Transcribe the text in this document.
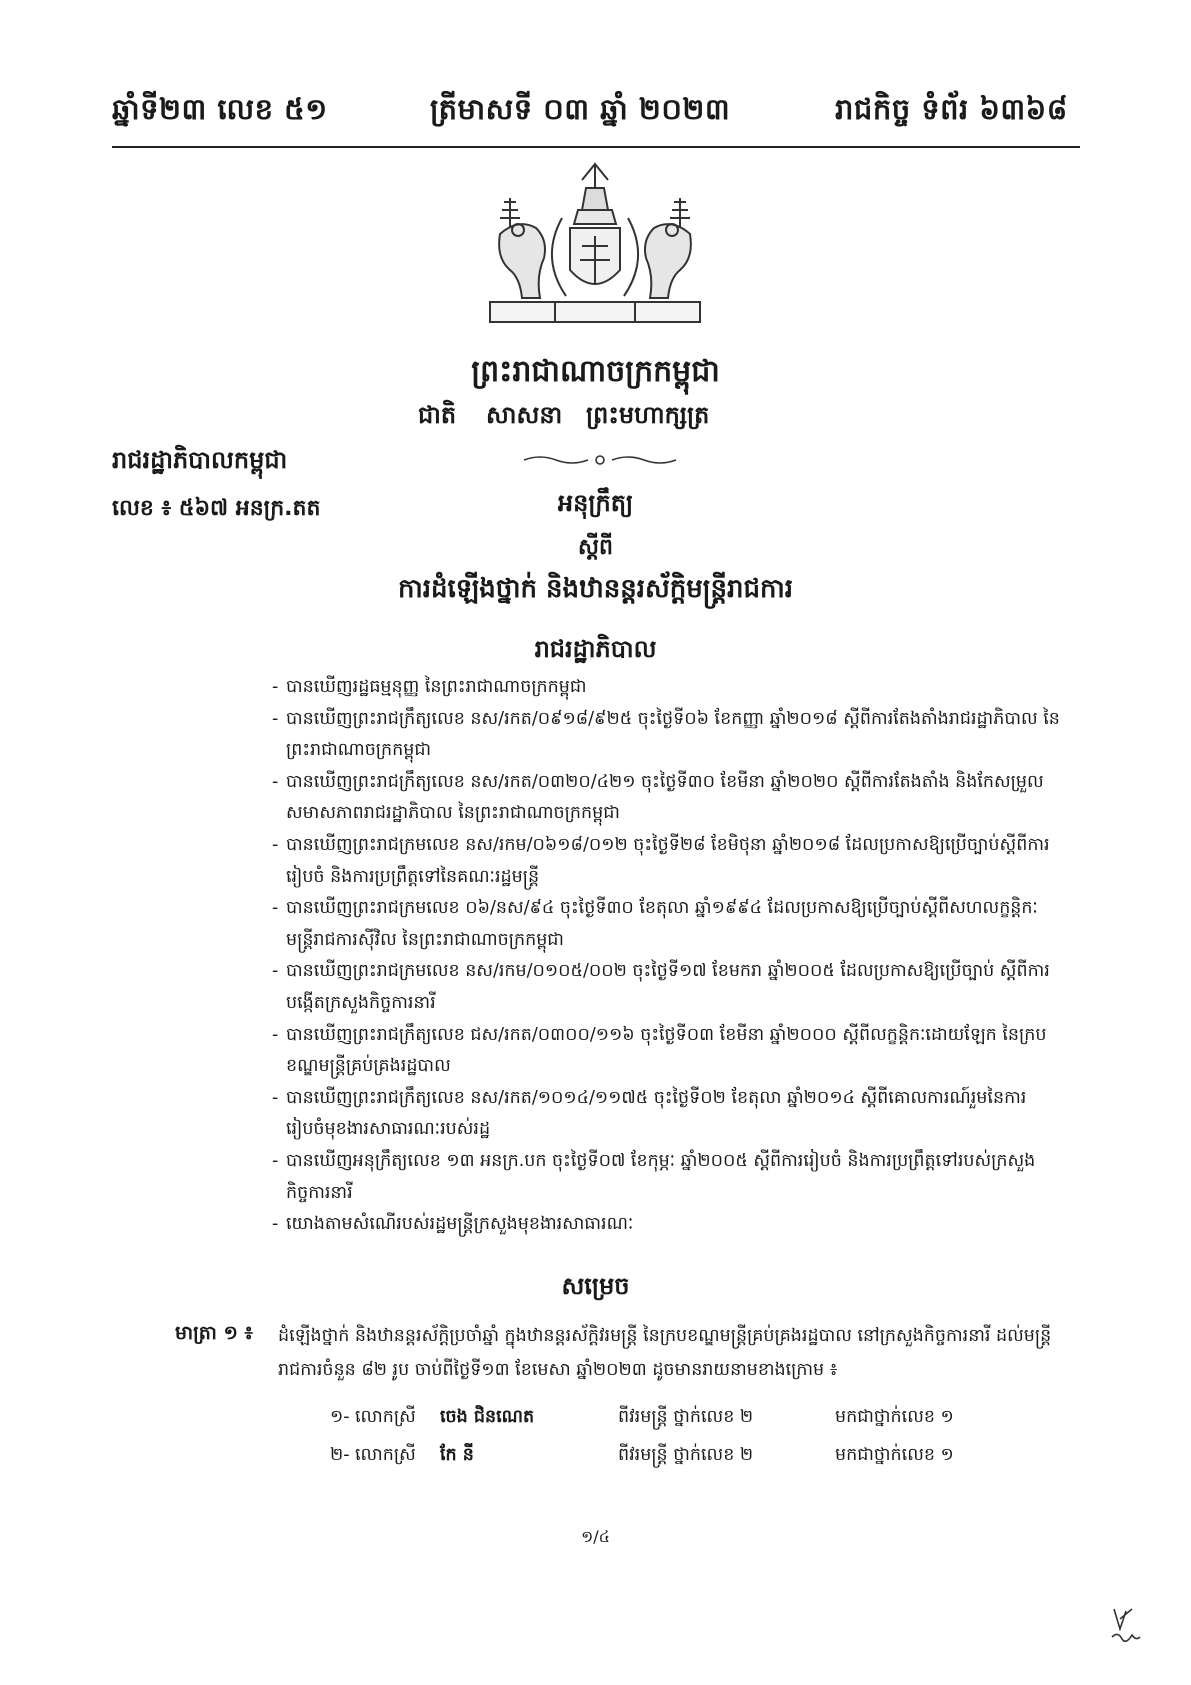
ឆ្នាំទី២៣ លេខ ៥១	ត្រីមាសទី ០៣ ឆ្នាំ ២០២៣	រាជកិច្ច ទំព័រ ៦៣៦៨
ព្រះរាជាណាចក្រកម្ពុជា
ជាតិ សាសនា ព្រះមហាក្សត្រ
រាជរដ្ឋាភិបាលកម្ពុជា
លេខ ៖ ៥៦៧ អនក្រ.តត	អនុក្រឹត្យ
ស្ដីពី
ការដំឡើងថ្នាក់ និងឋានន្តរស័ក្ដិមន្ត្រីរាជការ
រាជរដ្ឋាភិបាល
- បានឃើញរដ្ឋធម្មនុញ្ញ នៃព្រះរាជាណាចក្រកម្ពុជា
- បានឃើញព្រះរាជក្រឹត្យលេខ នស/រកត/០៩១៨/៩២៥ ចុះថ្ងៃទី០៦ ខែកញ្ញា ឆ្នាំ២០១៨ ស្ដីពីការតែងតាំងរាជរដ្ឋាភិបាល នៃព្រះរាជាណាចក្រកម្ពុជា
- បានឃើញព្រះរាជក្រឹត្យលេខ នស/រកត/០៣២០/៤២១ ចុះថ្ងៃទី៣០ ខែមីនា ឆ្នាំ២០២០ ស្ដីពីការតែងតាំង និងកែសម្រួលសមាសភាពរាជរដ្ឋាភិបាល នៃព្រះរាជាណាចក្រកម្ពុជា
- បានឃើញព្រះរាជក្រមលេខ នស/រកម/០៦១៨/០១២ ចុះថ្ងៃទី២៨ ខែមិថុនា ឆ្នាំ២០១៨ ដែលប្រកាសឱ្យប្រើច្បាប់ស្ដីពីការរៀបចំ និងការប្រព្រឹត្តទៅនៃគណៈរដ្ឋមន្ត្រី
- បានឃើញព្រះរាជក្រមលេខ ០៦/នស/៩៤ ចុះថ្ងៃទី៣០ ខែតុលា ឆ្នាំ១៩៩៤ ដែលប្រកាសឱ្យប្រើច្បាប់ស្ដីពីសហលក្ខន្តិកៈមន្ត្រីរាជការស៊ីវិល នៃព្រះរាជាណាចក្រកម្ពុជា
- បានឃើញព្រះរាជក្រមលេខ នស/រកម/០១០៥/០០២ ចុះថ្ងៃទី១៧ ខែមករា ឆ្នាំ២០០៥ ដែលប្រកាសឱ្យប្រើច្បាប់ ស្ដីពីការបង្កើតក្រសួងកិច្ចការនារី
- បានឃើញព្រះរាជក្រឹត្យលេខ ជស/រកត/០៣០០/១១៦ ចុះថ្ងៃទី០៣ ខែមីនា ឆ្នាំ២០០០ ស្ដីពីលក្ខន្តិកៈដោយឡែក នៃក្របខណ្ឌមន្ត្រីគ្រប់គ្រងរដ្ឋបាល
- បានឃើញព្រះរាជក្រឹត្យលេខ នស/រកត/១០១៤/១១៧៥ ចុះថ្ងៃទី០២ ខែតុលា ឆ្នាំ២០១៤ ស្ដីពីគោលការណ៍រួមនៃការរៀបចំមុខងារសាធារណៈរបស់រដ្ឋ
- បានឃើញអនុក្រឹត្យលេខ ១៣ អនក្រ.បក ចុះថ្ងៃទី០៧ ខែកុម្ភៈ ឆ្នាំ២០០៥ ស្ដីពីការរៀបចំ និងការប្រព្រឹត្តទៅរបស់ក្រសួងកិច្ចការនារី
- យោងតាមសំណើរបស់រដ្ឋមន្ត្រីក្រសួងមុខងារសាធារណៈ
សម្រេច
មាត្រា ១ ៖ ដំឡើងថ្នាក់ និងឋានន្តរស័ក្តិប្រចាំឆ្នាំ ក្នុងឋានន្តរស័ក្តិវរមន្ត្រី នៃក្របខណ្ឌមន្ត្រីគ្រប់គ្រងរដ្ឋបាល នៅក្រសួងកិច្ចការនារី ដល់មន្ត្រីរាជការចំនួន ៨២ រូប ចាប់ពីថ្ងៃទី១៣ ខែមេសា ឆ្នាំ២០២៣ ដូចមានរាយនាមខាងក្រោម ៖
១- លោកស្រី ចេង ជិនណេត	ពីវរមន្ត្រី ថ្នាក់លេខ ២	មកជាថ្នាក់លេខ ១
២- លោកស្រី កែ នី	ពីវរមន្ត្រី ថ្នាក់លេខ ២	មកជាថ្នាក់លេខ ១
១/៤
